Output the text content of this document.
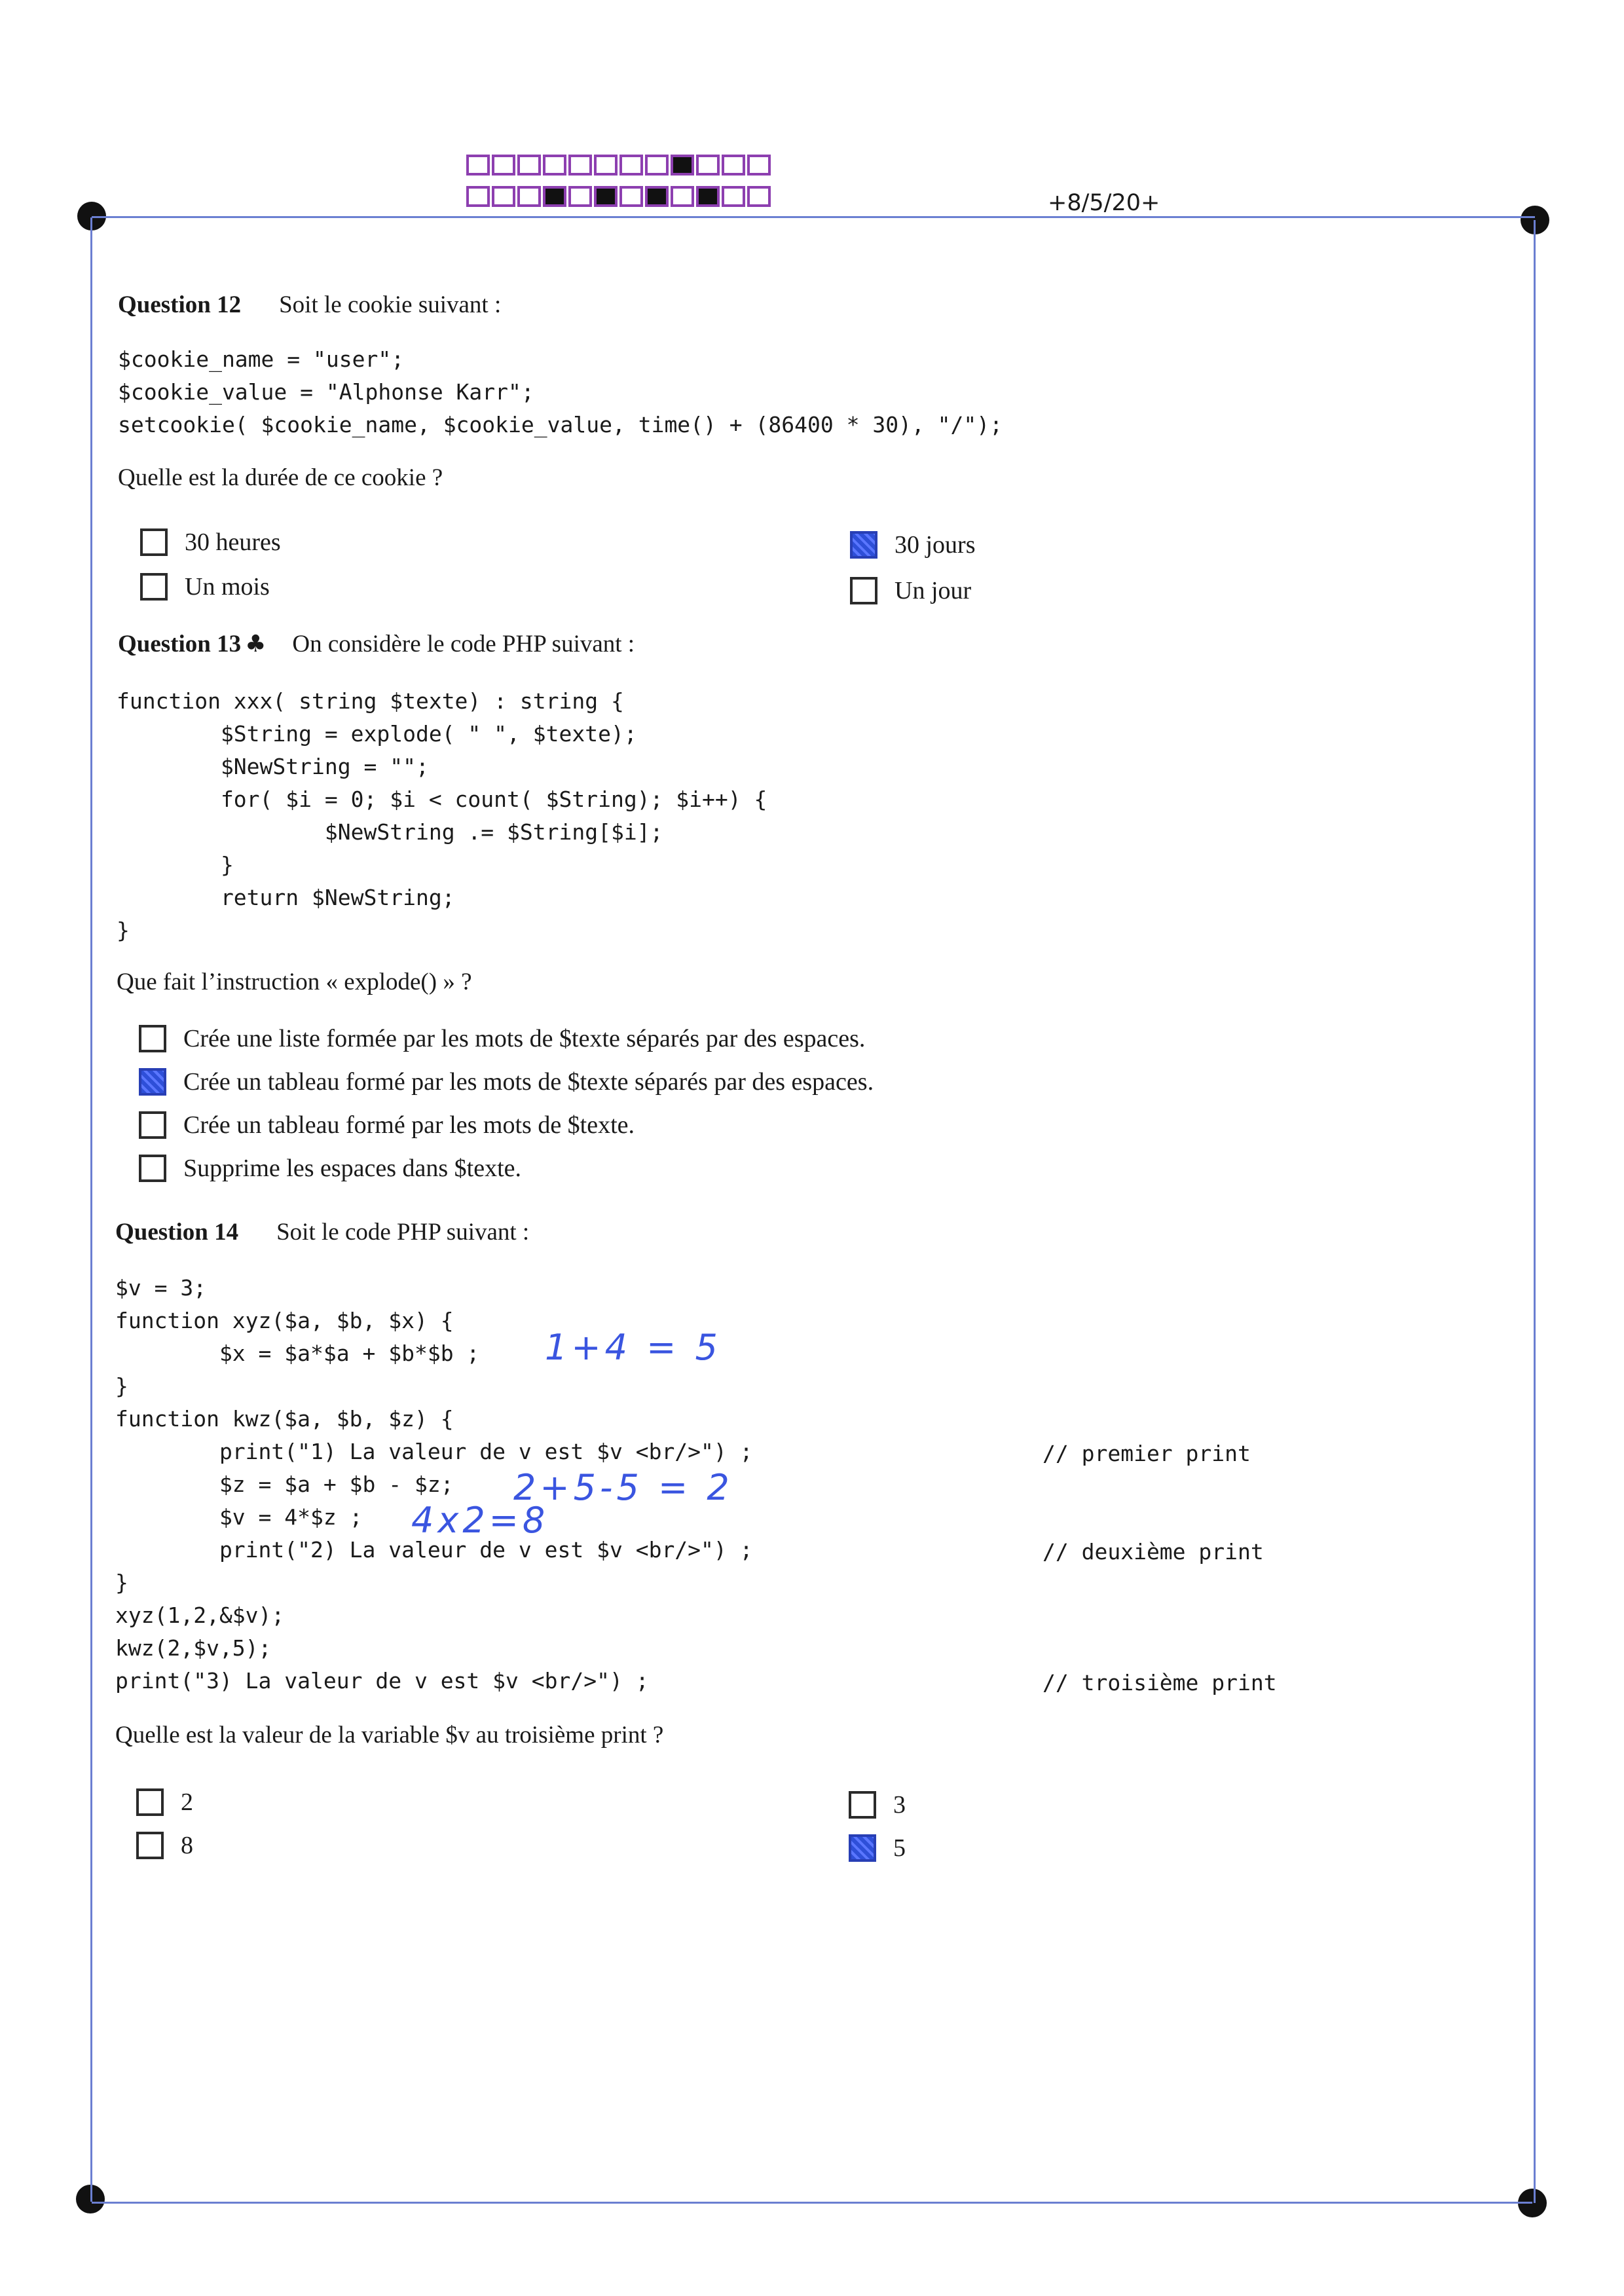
+8/5/20+
Question 12 Soit le cookie suivant :
$cookie_name = "user";
$cookie_value = "Alphonse Karr";
setcookie( $cookie_name, $cookie_value, time() + (86400 * 30), "/");
Quelle est la durée de ce cookie ?
30 heures	30 jours
Un mois	Un jour
Question 13 ♣ On considère le code PHP suivant :
function xxx( string $texte) : string {
$String = explode( " ", $texte);
$NewString = "";
for( $i = 0; $i < count( $String); $i++) {
$NewString .= $String[$i];
}
return $NewString;
}
Que fait l’instruction « explode() » ?
Crée une liste formée par les mots de $texte séparés par des espaces.
Crée un tableau formé par les mots de $texte séparés par des espaces.
Crée un tableau formé par les mots de $texte.
Supprime les espaces dans $texte.
Question 14 Soit le code PHP suivant :
$v = 3;
function xyz($a, $b, $x) {
$x = $a*$a + $b*$b ;
}
function kwz($a, $b, $z) {
print("1) La valeur de v est $v <br/>") ;
$z = $a + $b - $z;
$v = 4*$z ;
print("2) La valeur de v est $v <br/>") ;
}
xyz(1,2,&$v);
kwz(2,$v,5);
print("3) La valeur de v est $v <br/>") ;
// premier print
// deuxième print
// troisième print
1+4 = 5
2+5-5 = 2
4x2=8
Quelle est la valeur de la variable $v au troisième print ?
2	3
8	5
